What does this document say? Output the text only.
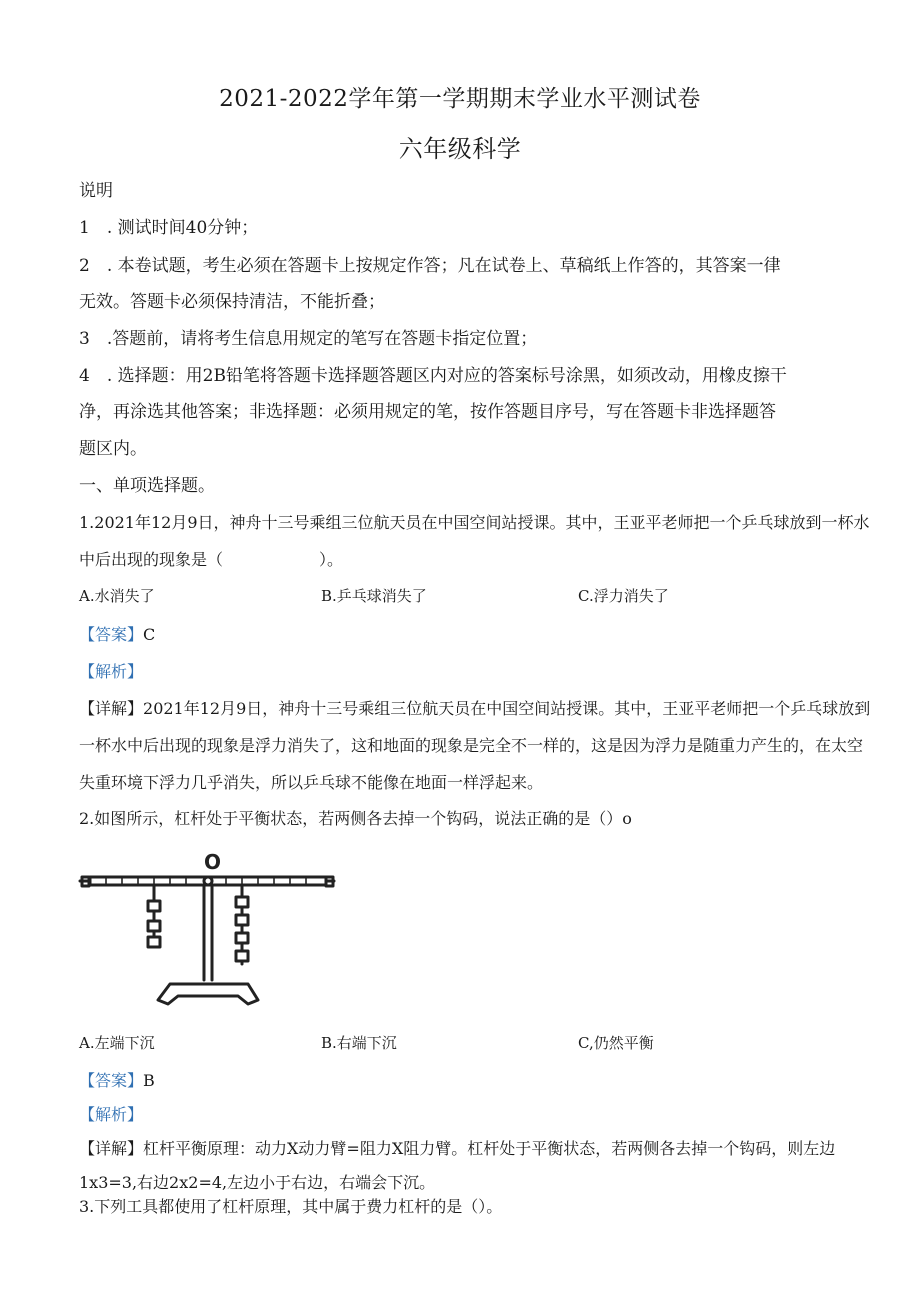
2021-2022学年第一学期期末学业水平测试卷
六年级科学
说明
1　. 测试时间40分钟；
2　. 本卷试题，考生必须在答题卡上按规定作答；凡在试卷上、草稿纸上作答的，其答案一律
无效。答题卡必须保持清洁，不能折叠；
3　.答题前，请将考生信息用规定的笔写在答题卡指定位置；
4　. 选择题：用2B铅笔将答题卡选择题答题区内对应的答案标号涂黑，如须改动，用橡皮擦干
净，再涂选其他答案；非选择题：必须用规定的笔，按作答题目序号，写在答题卡非选择题答
题区内。
一、单项选择题。
1.2021年12月9日，神舟十三号乘组三位航天员在中国空间站授课。其中，王亚平老师把一个乒乓球放到一杯水
中后出现的现象是（　　　　　　）。
A.水消失了	B.乒乓球消失了	C.浮力消失了
【答案】C
【解析】
【详解】2021年12月9日，神舟十三号乘组三位航天员在中国空间站授课。其中，王亚平老师把一个乒乓球放到
一杯水中后出现的现象是浮力消失了，这和地面的现象是完全不一样的，这是因为浮力是随重力产生的，在太空
失重环境下浮力几乎消失，所以乒乓球不能像在地面一样浮起来。
2.如图所示，杠杆处于平衡状态，若两侧各去掉一个钩码，说法正确的是（）o
O
A.左端下沉	B.右端下沉	C,仍然平衡
【答案】B
【解析】
【详解】杠杆平衡原理：动力X动力臂=阻力X阻力臂。杠杆处于平衡状态，若两侧各去掉一个钩码，则左边
1x3=3,右边2x2=4,左边小于右边，右端会下沉。
3.下列工具都使用了杠杆原理，其中属于费力杠杆的是（）。
